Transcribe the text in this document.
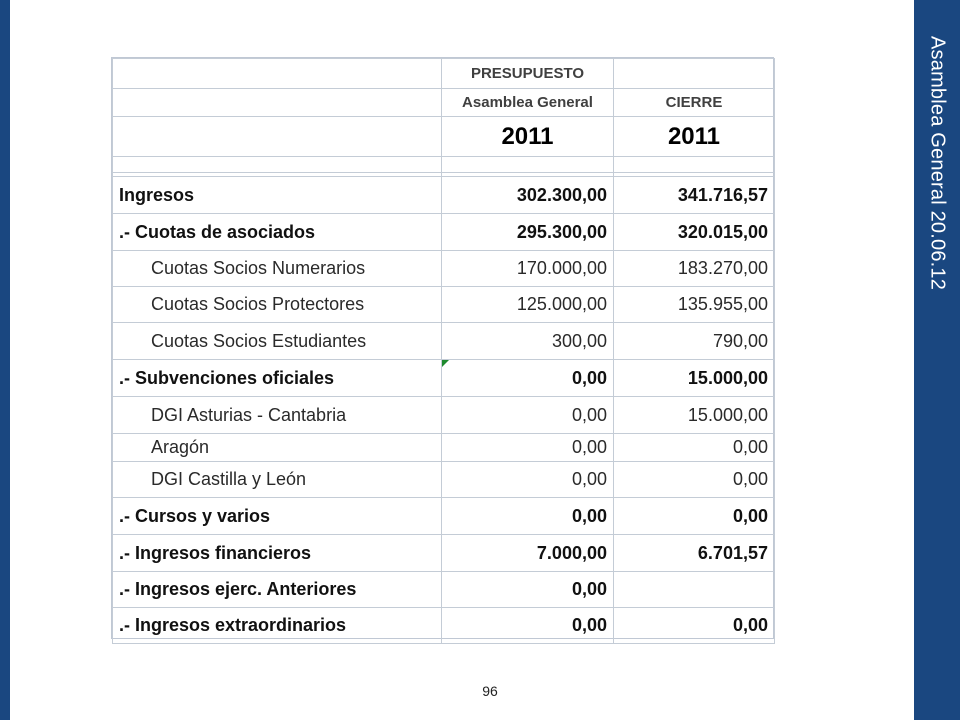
Asamblea General 20.06.12
	PRESUPUESTO	
	Asamblea General	CIERRE
	2011	2011

Ingresos	302.300,00	341.716,57
.- Cuotas de asociados	295.300,00	320.015,00
Cuotas Socios Numerarios	170.000,00	183.270,00
Cuotas Socios Protectores	125.000,00	135.955,00
Cuotas Socios Estudiantes	300,00	790,00
.- Subvenciones oficiales	0,00	15.000,00
DGI Asturias - Cantabria	0,00	15.000,00
Aragón	0,00	0,00
DGI Castilla y León	0,00	0,00
.- Cursos y varios	0,00	0,00
.- Ingresos financieros	7.000,00	6.701,57
.- Ingresos ejerc. Anteriores	0,00	
.- Ingresos extraordinarios	0,00	0,00
96
